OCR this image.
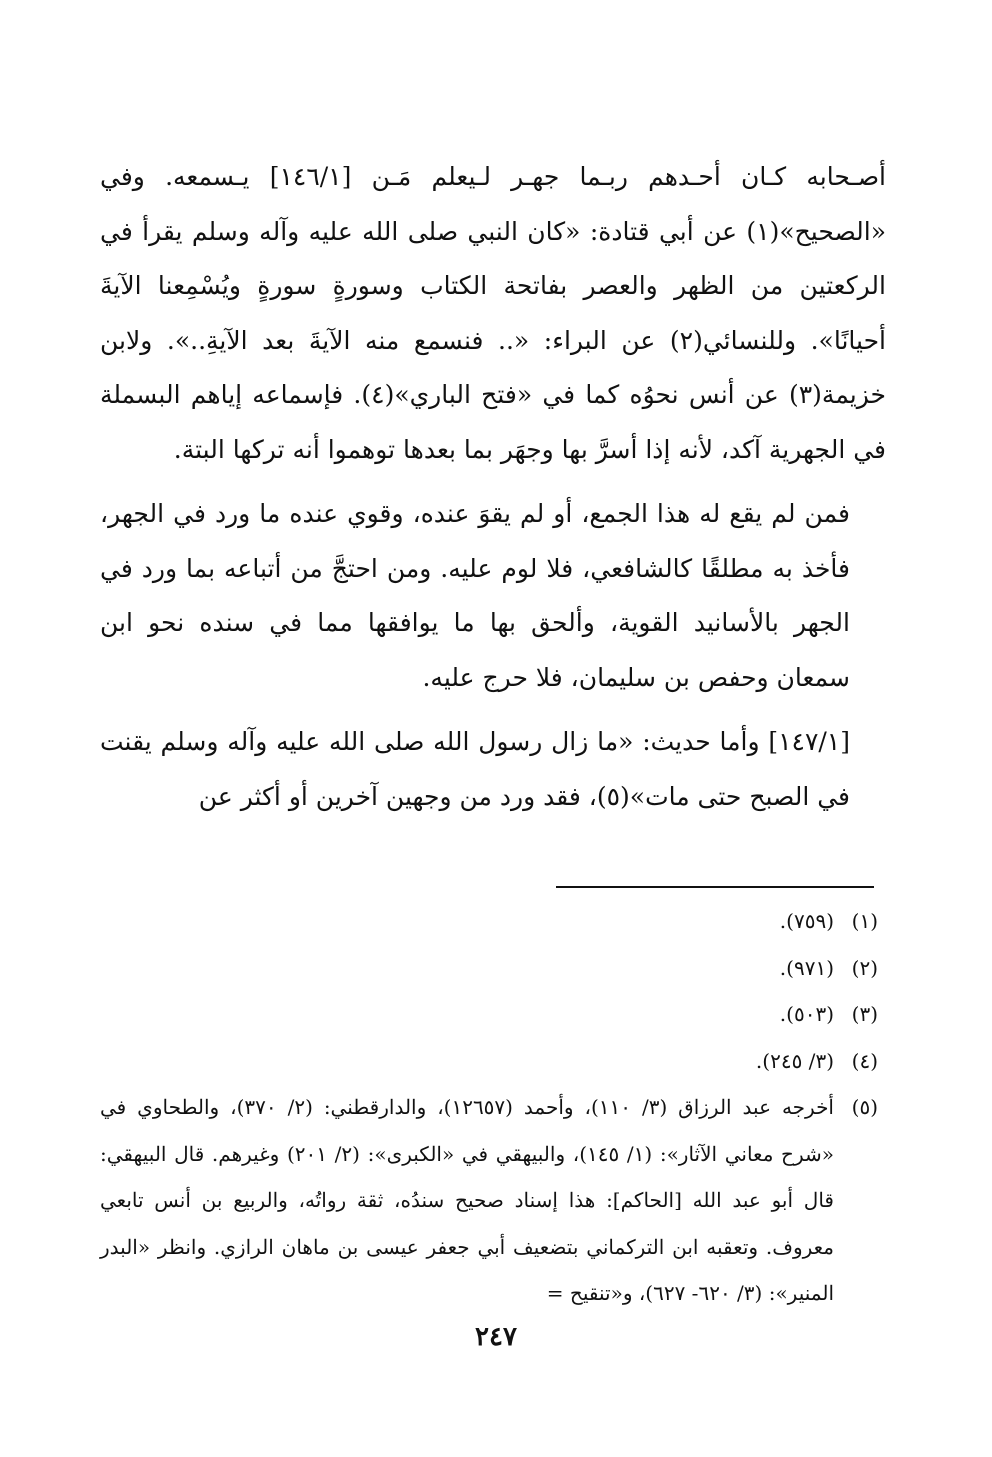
أصـحابه كـان أحـدهم ربـما جهـر لـيعلم مَـن [١٤٦/١] يـسمعه. وفي «الصحيح»(١) عن أبي قتادة: «كان النبي صلى الله عليه وآله وسلم يقرأ في الركعتين من الظهر والعصر بفاتحة الكتاب وسورةٍ سورةٍ ويُسْمِعنا الآيةَ أحيانًا». وللنسائي(٢) عن البراء: «.. فنسمع منه الآيةَ بعد الآيةِ..». ولابن خزيمة(٣) عن أنس نحوُه كما في «فتح الباري»(٤). فإسماعه إياهم البسملة في الجهرية آكد، لأنه إذا أسرَّ بها وجهَر بما بعدها توهموا أنه تركها البتة.

فمن لم يقع له هذا الجمع، أو لم يقوَ عنده، وقوي عنده ما ورد في الجهر، فأخذ به مطلقًا كالشافعي، فلا لوم عليه. ومن احتجَّ من أتباعه بما ورد في الجهر بالأسانيد القوية، وألحق بها ما يوافقها مما في سنده نحو ابن سمعان وحفص بن سليمان، فلا حرج عليه.

[١٤٧/١] وأما حديث: «ما زال رسول الله صلى الله عليه وآله وسلم يقنت في الصبح حتى مات»(٥)، فقد ورد من وجهين آخرين أو أكثر عن

(١)
(٧٥٩).
(٢)
(٩٧١).
(٣)
(٥٠٣).
(٤)
(٣/ ٢٤٥).
(٥)
أخرجه عبد الرزاق (٣/ ١١٠)، وأحمد (١٢٦٥٧)، والدارقطني: (٢/ ٣٧٠)، والطحاوي في «شرح معاني الآثار»: (١/ ١٤٥)، والبيهقي في «الكبرى»: (٢/ ٢٠١) وغيرهم. قال البيهقي: قال أبو عبد الله [الحاكم]: هذا إسناد صحيح سندُه، ثقة رواتُه، والربيع بن أنس تابعي معروف. وتعقبه ابن التركماني بتضعيف أبي جعفر عيسى بن ماهان الرازي. وانظر «البدر المنير»: (٣/ ٦٢٠- ٦٢٧)، و«تنقيح =
٢٤٧
